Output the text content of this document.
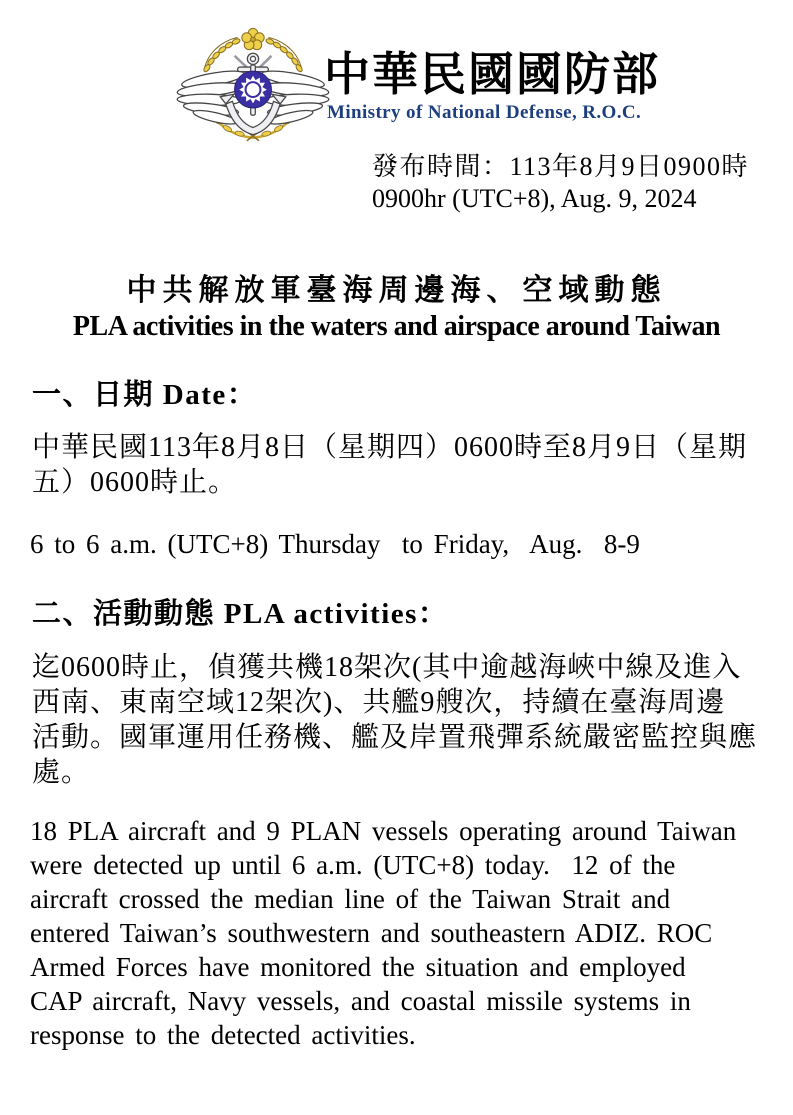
中華民國國防部
Ministry of National Defense, R.O.C.
發布時間：113年8月9日0900時
0900hr (UTC+8), Aug. 9, 2024
中共解放軍臺海周邊海、空域動態
PLA activities in the waters and airspace around Taiwan
一、日期 Date：
中華民國113年8月8日（星期四）0600時至8月9日（星期
五）0600時止。
6 to 6 a.m. (UTC+8) Thursday  to Friday,  Aug.  8-9
二、活動動態 PLA activities：
迄0600時止，偵獲共機18架次(其中逾越海峽中線及進入
西南、東南空域12架次)、共艦9艘次，持續在臺海周邊
活動。國軍運用任務機、艦及岸置飛彈系統嚴密監控與應
處。
18 PLA aircraft and 9 PLAN vessels operating around Taiwan
were detected up until 6 a.m. (UTC+8) today.  12 of the
aircraft crossed the median line of the Taiwan Strait and
entered Taiwan’s southwestern and southeastern ADIZ. ROC
Armed Forces have monitored the situation and employed
CAP aircraft, Navy vessels, and coastal missile systems in
response to the detected activities.
